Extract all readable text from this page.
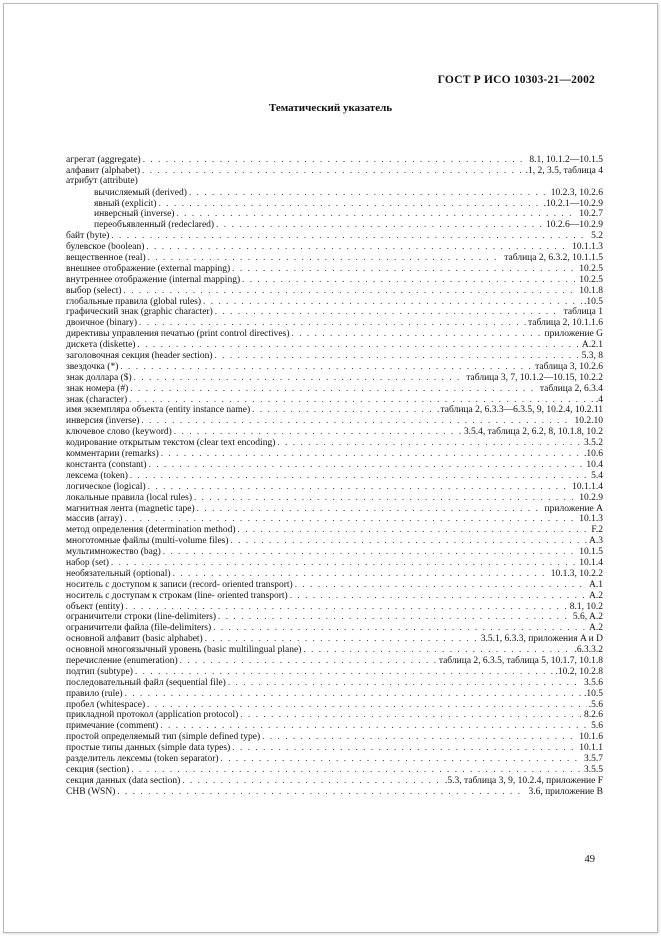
ГОСТ Р ИСО 10303-21—2002
Тематический указатель
агрегат (aggregate) . . .	8.1, 10.1.2—10.1.5
алфавит (alphabet) . . .	.1, 2, 3.5, таблица 4
атрибут (attribute)
вычисляемый (derived) . . .	10.2.3, 10.2.6
явный (explicit) . . .	.10.2.1—10.2.9
инверсный (inverse) . . .	10.2.7
переобъявленный (redeclared) . . .	10.2.6—10.2.9
байт (byte) . . .	5.2
булевское (boolean) . . .	10.1.1.3
вещественное (real) . . .	таблица 2, 6.3.2, 10.1.1.5
внешнее отображение (external mapping) . . .	10.2.5
внутреннее отображение (internal mapping) . . .	10.2.5
выбор (select) . . .	10.1.8
глобальные правила (global rules) . . .	.10.5
графический знак (graphic character) . . .	таблица 1
двоичное (binary) . . .	таблица 2, 10.1.1.6
директивы управления печатью (print control directives) . . .	приложение G
дискета (diskette) . . .	A.2.1
заголовочная секция (header section) . . .	5.3, 8
звездочка (*) . . .	таблица 3, 10.2.6
знак доллара ($) . . .	таблица 3, 7, 10.1.2—10.15, 10.2.2
знак номера (#) . . .	таблица 2, 6.3.4
знак (character) . . .	.4
имя экземпляра объекта (entity instance name) . . .	таблица 2, 6.3.3—6.3.5, 9, 10.2.4, 10.2.11
инверсия (inverse) . . .	10.2.10
ключевое слово (keyword) . . .	3.5.4, таблица 2, 6.2, 8, 10.1.8, 10.2
кодирование открытым текстом (clear text encoding) . . .	3.5.2
комментарии (remarks) . . .	.10.6
константа (constant) . . .	10.4
лексема (token) . . .	5.4
логическое (logical) . . .	10.1.1.4
локальные правила (local rules) . . .	10.2.9
магнитная лента (magnetic tape) . . .	приложение A
массив (array) . . .	10.1.3
метод определения (determination method) . . .	F.2
многотомные файлы (multi-volume files) . . .	A.3
мультимножество (bag) . . .	10.1.5
набор (set) . . .	10.1.4
необязательный (optional) . . .	10.1.3, 10.2.2
носитель с доступом к записи (record- oriented transport) . . .	A.1
носитель с доступам к строкам (line- oriented transport) . . .	A.2
объект (entity) . . .	8.1, 10.2
ограничители строки (line-delimiters) . . .	5.6, A.2
ограничители файла (file-delimiters) . . .	A.2
основной алфавит (basic alphabet) . . .	3.5.1, 6.3.3, приложения A и D
основной многоязычный уровень (basic multilingual plane) . . .	.6.3.3.2
перечисление (enumeration) . . .	таблица 2, 6.3.5, таблица 5, 10.1.7, 10.1.8
подтип (subtype) . . .	.10.2, 10.2.8
последовательный файл (sequential file) . . .	3.5.6
правило (rule) . . .	.10.5
пробел (whitespace) . . .	.5.6
прикладной протокол (application protocol) . . .	8.2.6
примечание (comment) . . .	5.6
простой определяемый тип (simple defined type) . . .	10.1.6
простые типы данных (simple data types) . . .	10.1.1
разделитель лексемы (token separator) . . .	3.5.7
секция (section) . . .	3.5.5
секция данных (data section) . . .	.5.3, таблица 3, 9, 10.2.4, приложение F
СНВ (WSN) . . .	3.6, приложение B
49
